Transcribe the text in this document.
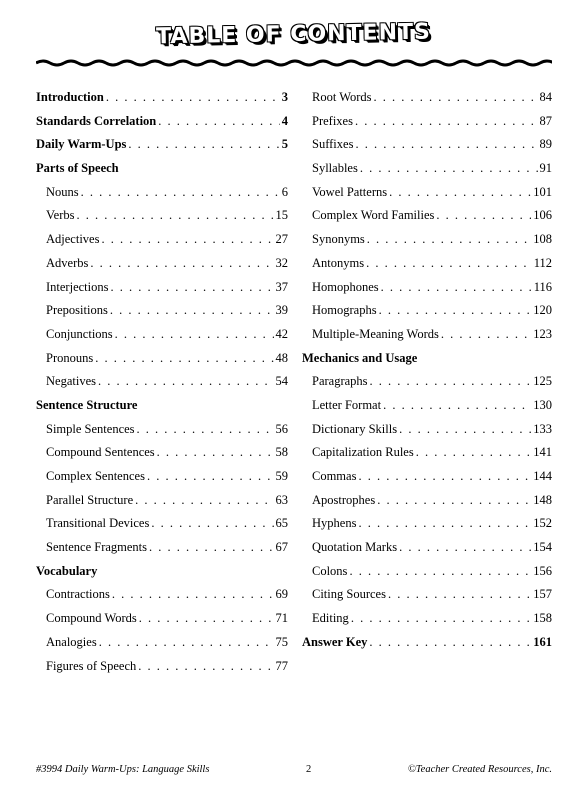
TABLE OF CONTENTS
Introduction . . .	3
Standards Correlation . . .	4
Daily Warm-Ups . . .	5
Parts of Speech
Nouns . . .	6
Verbs . . .	15
Adjectives . . .	27
Adverbs . . .	32
Interjections . . .	37
Prepositions . . .	39
Conjunctions . . .	42
Pronouns . . .	48
Negatives . . .	54
Sentence Structure
Simple Sentences . . .	56
Compound Sentences . . .	58
Complex Sentences . . .	59
Parallel Structure . . .	63
Transitional Devices . . .	65
Sentence Fragments . . .	67
Vocabulary
Contractions . . .	69
Compound Words . . .	71
Analogies . . .	75
Figures of Speech . . .	77
Root Words . . .	84
Prefixes . . .	87
Suffixes . . .	89
Syllables . . .	91
Vowel Patterns . . .	101
Complex Word Families . . .	106
Synonyms . . .	108
Antonyms . . .	112
Homophones . . .	116
Homographs . . .	120
Multiple-Meaning Words . . .	123
Mechanics and Usage
Paragraphs . . .	125
Letter Format . . .	130
Dictionary Skills . . .	133
Capitalization Rules . . .	141
Commas . . .	144
Apostrophes . . .	148
Hyphens . . .	152
Quotation Marks . . .	154
Colons . . .	156
Citing Sources . . .	157
Editing . . .	158
Answer Key . . .	161
#3994 Daily Warm-Ups: Language Skills	2	©Teacher Created Resources, Inc.
